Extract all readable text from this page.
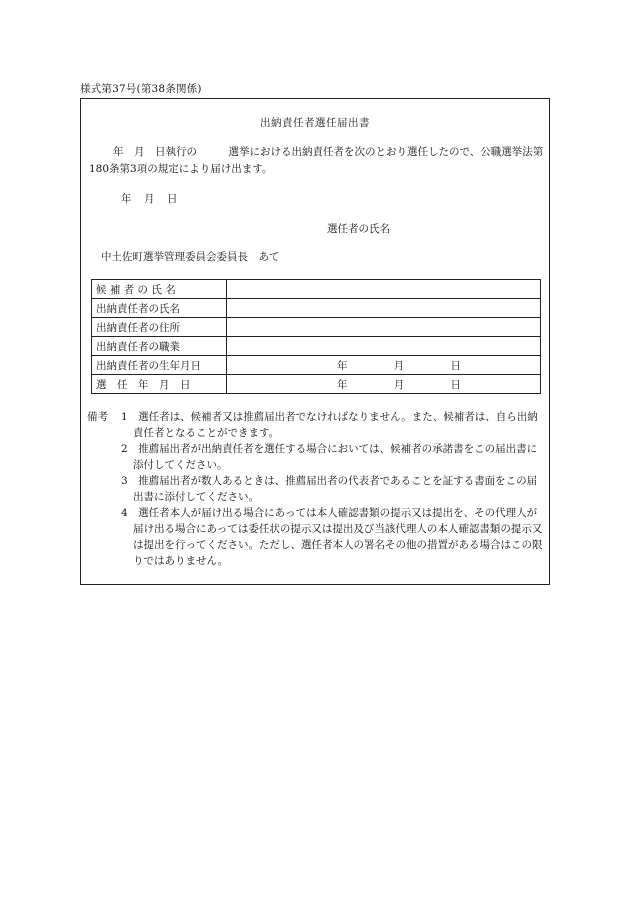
様式第37号(第38条関係)
出納責任者選任届出書
年　月　日執行の　　　選挙における出納責任者を次のとおり選任したので、公職選挙法第180条第3項の規定により届け出ます。
年　月　日
選任者の氏名
中土佐町選挙管理委員会委員長　あて
候 補 者 の 氏 名	
出納責任者の氏名	
出納責任者の住所	
出納責任者の職業	
出納責任者の生年月日	年 月 日

選　任　年　月　日	年 月 日
備考	1　選任者は、候補者又は推薦届出者でなければなりません。また、候補者は、自ら出納責任者となることができます。
2　推薦届出者が出納責任者を選任する場合においては、候補者の承諾書をこの届出書に添付してください。
3　推薦届出者が数人あるときは、推薦届出者の代表者であることを証する書面をこの届出書に添付してください。
4　選任者本人が届け出る場合にあっては本人確認書類の提示又は提出を、その代理人が届け出る場合にあっては委任状の提示又は提出及び当該代理人の本人確認書類の提示又は提出を行ってください。ただし、選任者本人の署名その他の措置がある場合はこの限りではありません。
